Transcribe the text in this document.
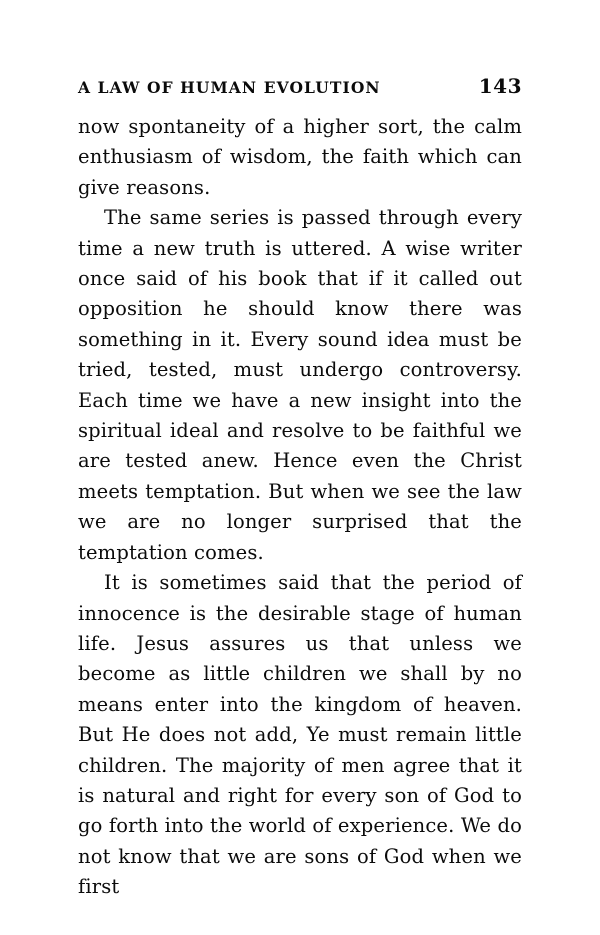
A LAW OF HUMAN EVOLUTION	143

now spontaneity of a higher sort, the calm enthusiasm of wisdom, the faith which can give reasons.

The same series is passed through every time a new truth is uttered. A wise writer once said of his book that if it called out opposition he should know there was something in it. Every sound idea must be tried, tested, must undergo controversy. Each time we have a new insight into the spiritual ideal and resolve to be faithful we are tested anew. Hence even the Christ meets temptation. But when we see the law we are no longer surprised that the temptation comes.

It is sometimes said that the period of innocence is the desirable stage of human life. Jesus assures us that unless we become as little children we shall by no means enter into the kingdom of heaven. But He does not add, Ye must remain little children. The majority of men agree that it is natural and right for every son of God to go forth into the world of experience. We do not know that we are sons of God when we first
